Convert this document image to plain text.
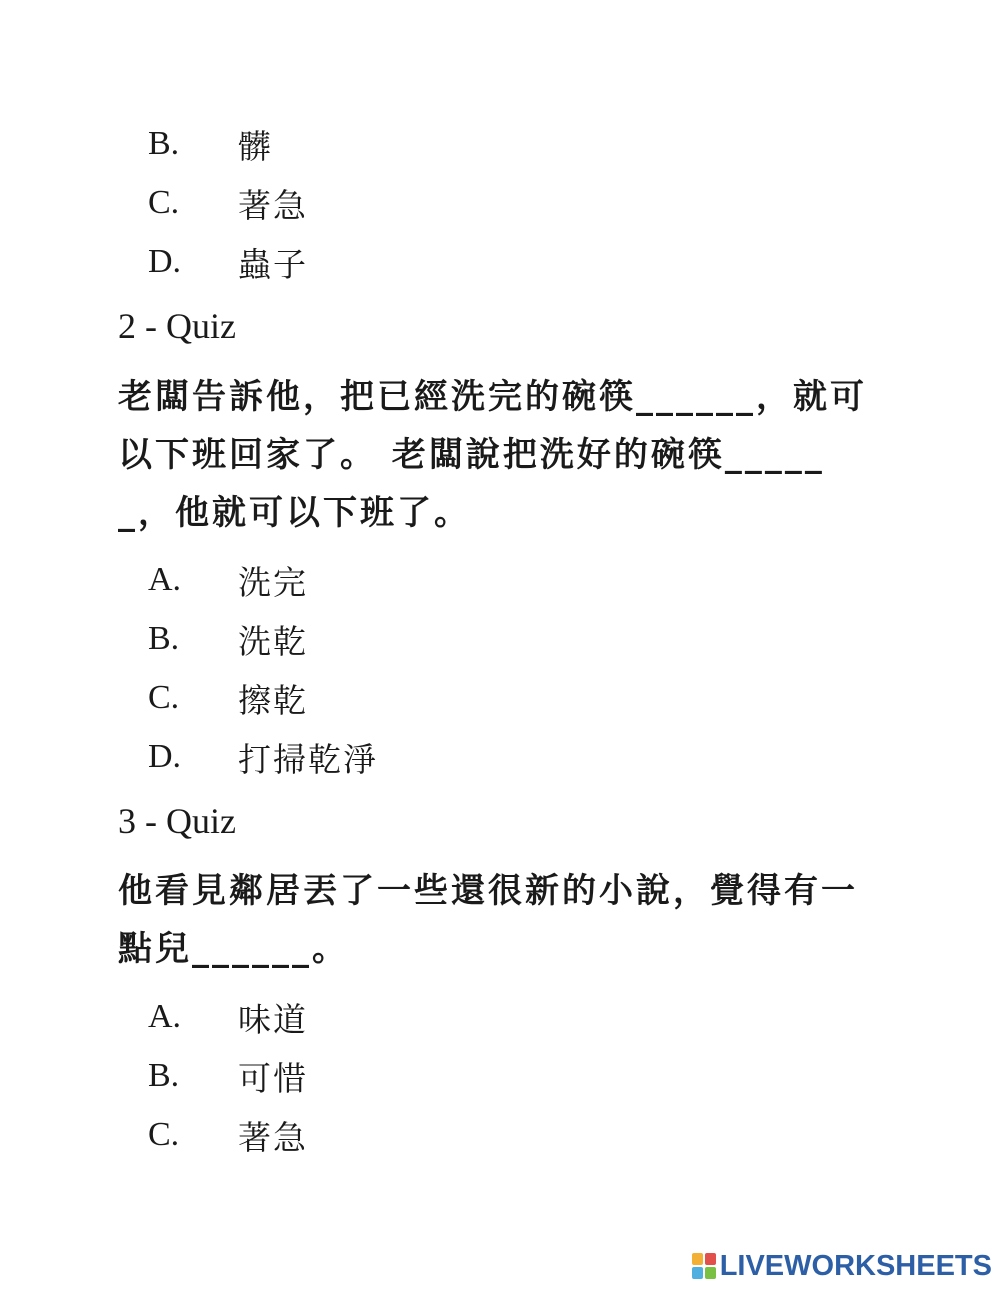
B.	髒
C.	著急
D.	蟲子
2 - Quiz
老闆告訴他，把已經洗完的碗筷______，就可以下班回家了。 老闆說把洗好的碗筷______，他就可以下班了。
A.	洗完
B.	洗乾
C.	擦乾
D.	打掃乾淨
3 - Quiz
他看見鄰居丟了一些還很新的小說，覺得有一點兒______。
A.	味道
B.	可惜
C.	著急
LIVEWORKSHEETS
